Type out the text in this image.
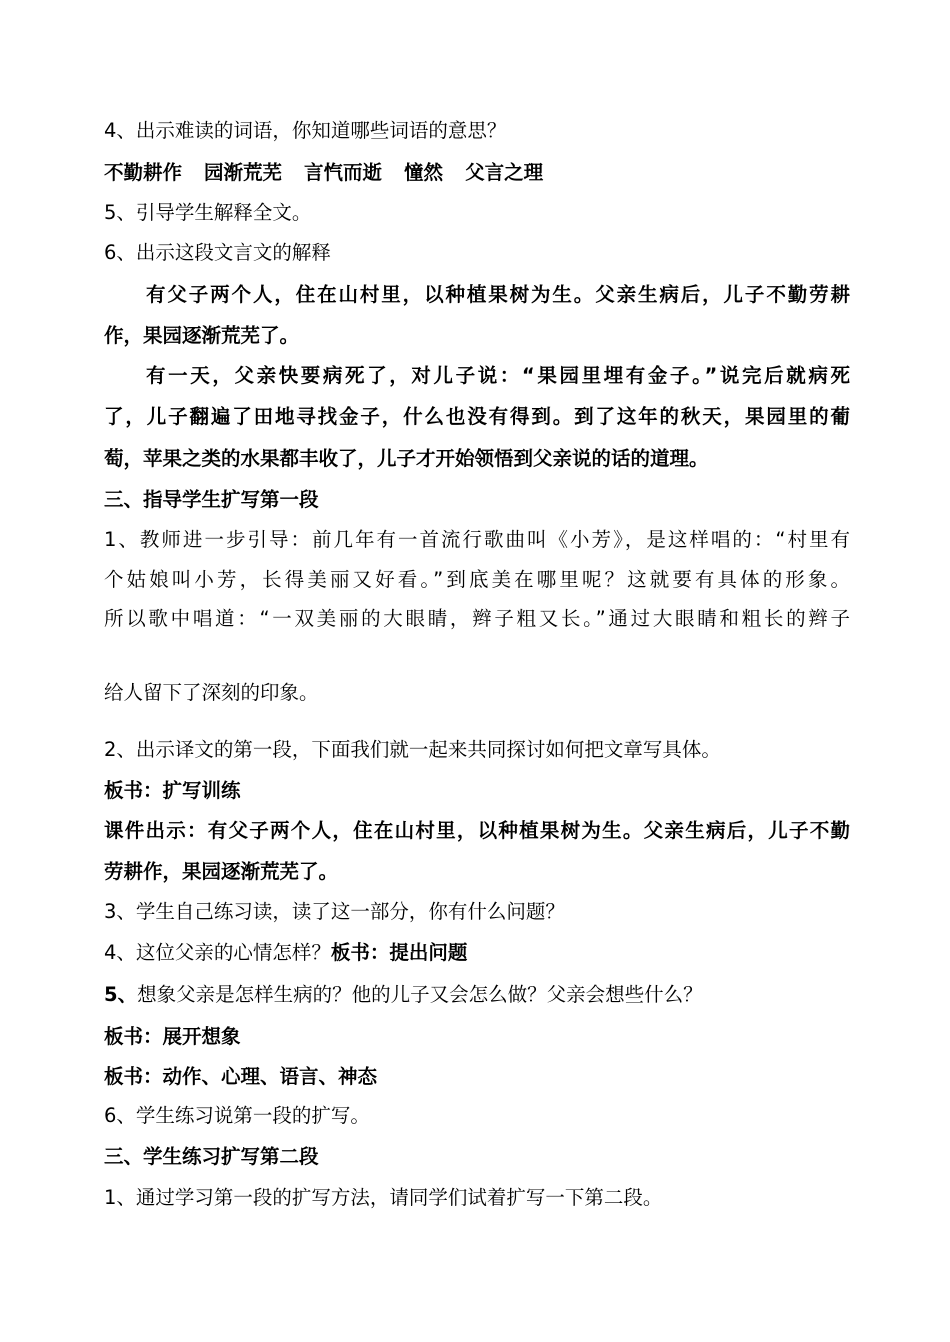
4、出示难读的词语，你知道哪些词语的意思？
不勤耕作 园渐荒芜 言忾而逝 憧然 父言之理
5、引导学生解释全文。
6、出示这段文言文的解释
有父子两个人，住在山村里，以种植果树为生。父亲生病后，儿子不勤劳耕
作，果园逐渐荒芜了。
有一天，父亲快要病死了，对儿子说：“果园里埋有金子。”说完后就病死
了，儿子翻遍了田地寻找金子，什么也没有得到。到了这年的秋天，果园里的葡
萄，苹果之类的水果都丰收了，儿子才开始领悟到父亲说的话的道理。
三、指导学生扩写第一段
1、教师进一步引导：前几年有一首流行歌曲叫《小芳》，是这样唱的：“村里有
个姑娘叫小芳，长得美丽又好看。”到底美在哪里呢？这就要有具体的形象。
所以歌中唱道：“一双美丽的大眼睛，辫子粗又长。”通过大眼睛和粗长的辫子
给人留下了深刻的印象。
2、出示译文的第一段，下面我们就一起来共同探讨如何把文章写具体。
板书：扩写训练
课件出示：有父子两个人，住在山村里，以种植果树为生。父亲生病后，儿子不勤
劳耕作，果园逐渐荒芜了。
3、学生自己练习读，读了这一部分，你有什么问题？
4、这位父亲的心情怎样？板书：提出问题
5、想象父亲是怎样生病的？他的儿子又会怎么做？父亲会想些什么？
板书：展开想象
板书：动作、心理、语言、神态
6、学生练习说第一段的扩写。
三、学生练习扩写第二段
1、通过学习第一段的扩写方法，请同学们试着扩写一下第二段。
